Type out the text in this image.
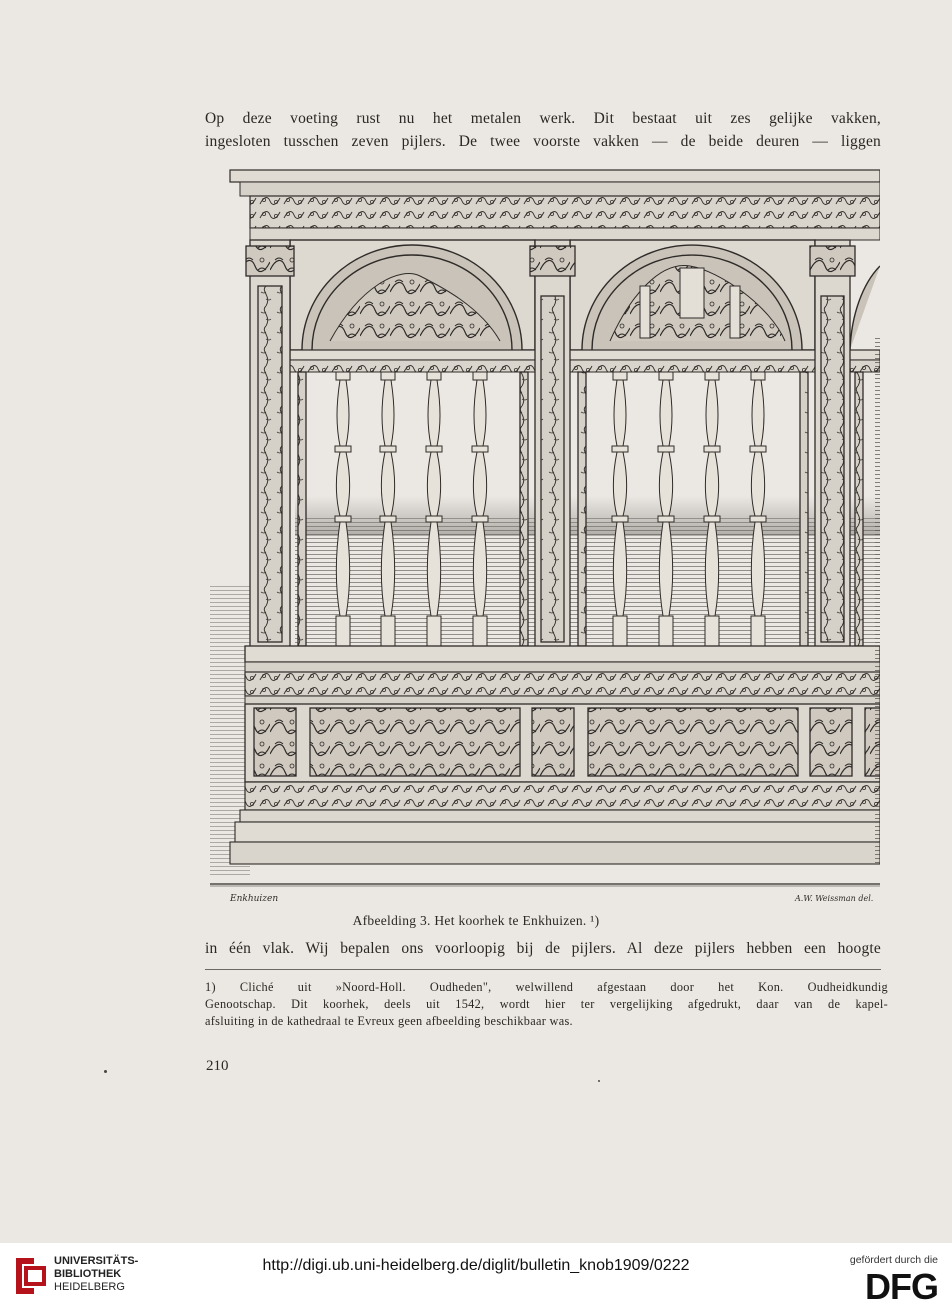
Op deze voeting rust nu het metalen werk. Dit bestaat uit zes gelijke vakken,
ingesloten tusschen zeven pijlers. De twee voorste vakken — de beide deuren — liggen
Enkhuizen	A.W. Weissman del.
Afbeelding 3. Het koorhek te Enkhuizen. ¹)
in één vlak. Wij bepalen ons voorloopig bij de pijlers. Al deze pijlers hebben een hoogte
1) Cliché uit »Noord-Holl. Oudheden", welwillend afgestaan door het Kon. Oudheidkundig
Genootschap. Dit koorhek, deels uit 1542, wordt hier ter vergelijking afgedrukt, daar van de kapel-
afsluiting in de kathedraal te Evreux geen afbeelding beschikbaar was.
210
UNIVERSITÄTS-
BIBLIOTHEK
HEIDELBERG
http://digi.ub.uni-heidelberg.de/diglit/bulletin_knob1909/0222	gefördert durch die
DFG
